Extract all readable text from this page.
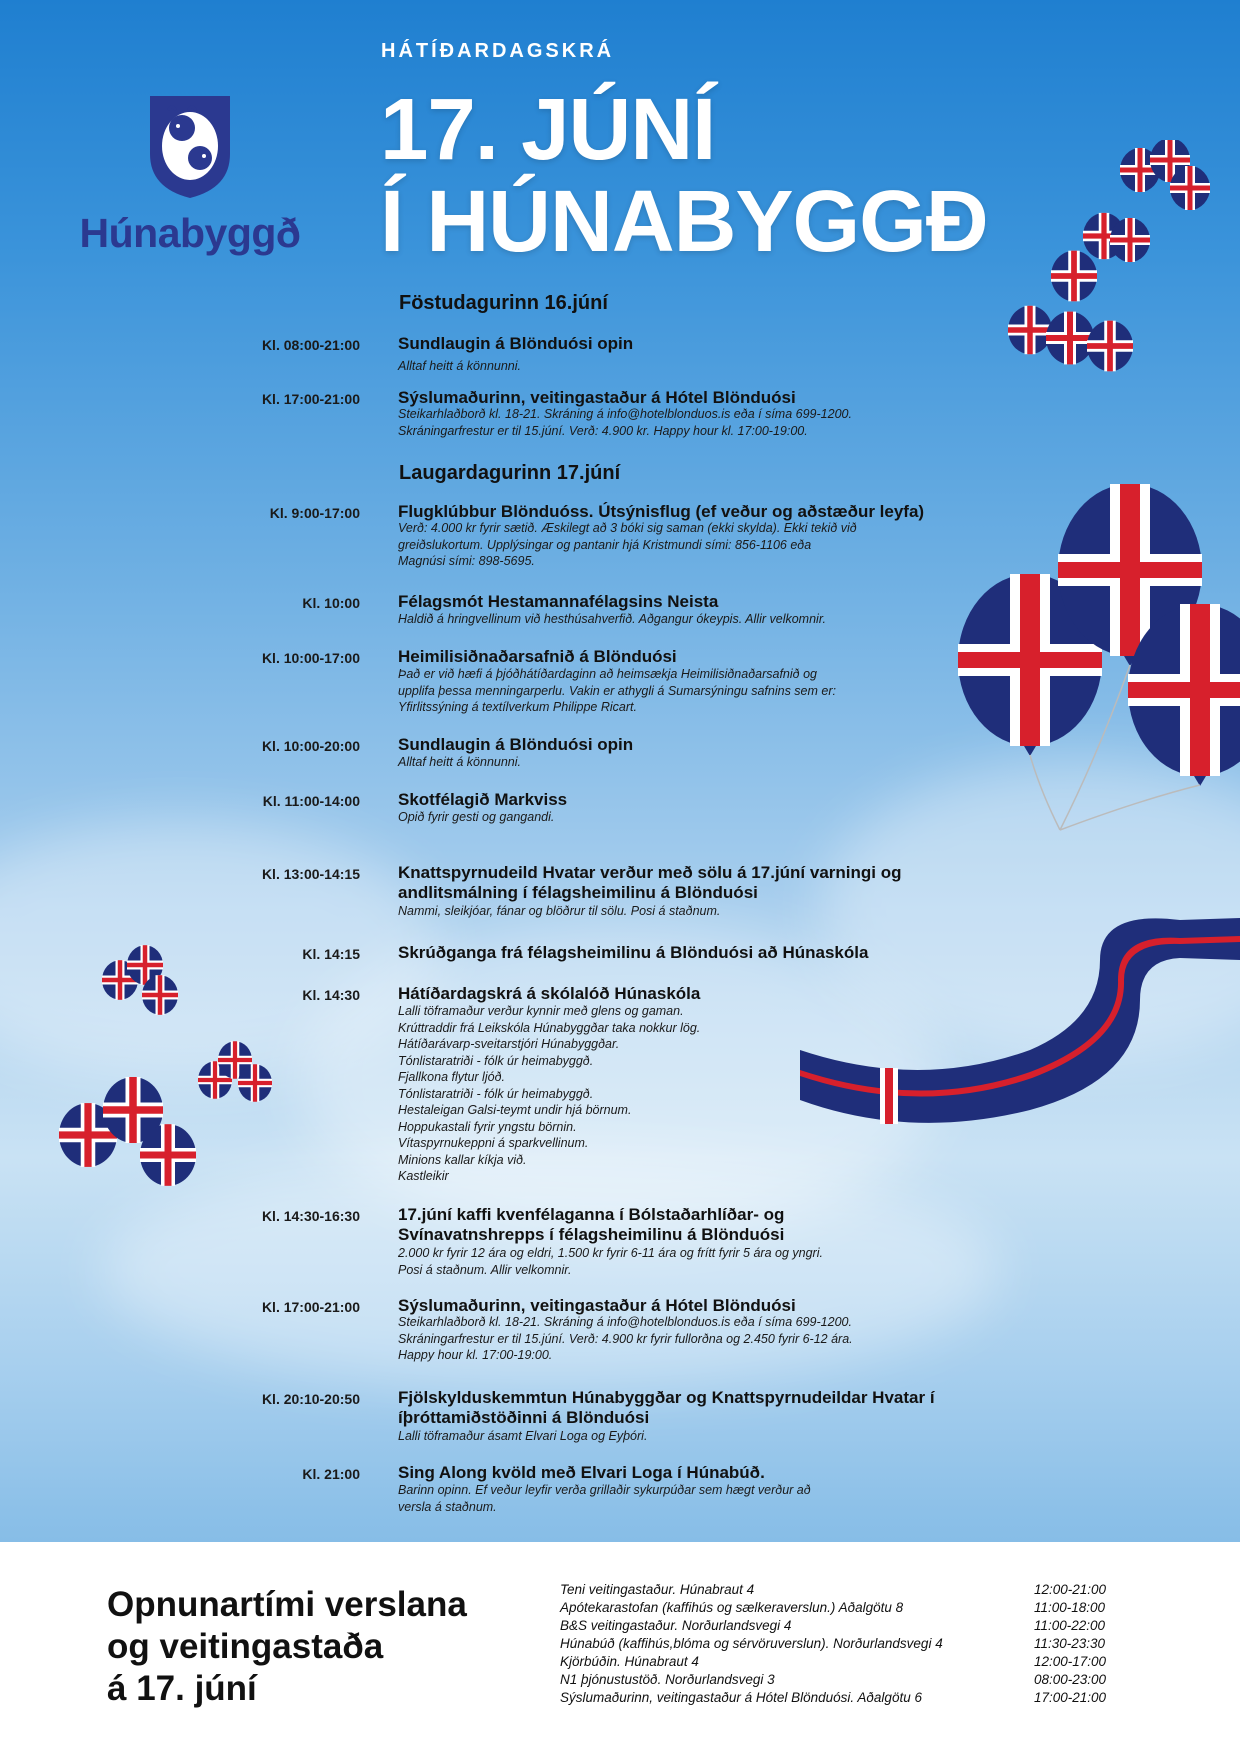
Húnabyggð
HÁTÍÐARDAGSKRÁ
17. JÚNÍ
Í HÚNABYGGÐ
Föstudagurinn 16.júní
Laugardagurinn 17.júní
Kl. 08:00-21:00 Sundlaugin á Blönduósi opin
Alltaf heitt á könnunni.
Kl. 17:00-21:00 Sýslumaðurinn, veitingastaður á Hótel Blönduósi
Steikarhlaðborð kl. 18-21. Skráning á info@hotelblonduos.is eða í síma 699-1200.
Skráningarfrestur er til 15.júní. Verð: 4.900 kr. Happy hour kl. 17:00-19:00.
Kl. 9:00-17:00 Flugklúbbur Blönduóss. Útsýnisflug (ef veður og aðstæður leyfa)
Verð: 4.000 kr fyrir sætið. Æskilegt að 3 bóki sig saman (ekki skylda). Ekki tekið við
greiðslukortum. Upplýsingar og pantanir hjá Kristmundi sími: 856-1106 eða
Magnúsi sími: 898-5695.
Kl. 10:00 Félagsmót Hestamannafélagsins Neista
Haldið á hringvellinum við hesthúsahverfið. Aðgangur ókeypis. Allir velkomnir.
Kl. 10:00-17:00 Heimilisiðnaðarsafnið á Blönduósi
Það er við hæfi á þjóðhátíðardaginn að heimsækja Heimilisiðnaðarsafnið og
upplifa þessa menningarperlu. Vakin er athygli á Sumarsýningu safnins sem er:
Yfirlitssýning á textílverkum Philippe Ricart.
Kl. 10:00-20:00 Sundlaugin á Blönduósi opin
Alltaf heitt á könnunni.
Kl. 11:00-14:00 Skotfélagið Markviss
Opið fyrir gesti og gangandi.
Kl. 13:00-14:15 Knattspyrnudeild Hvatar verður með sölu á 17.júní varningi og andlitsmálning í félagsheimilinu á Blönduósi
Nammi, sleikjóar, fánar og blöðrur til sölu. Posi á staðnum.
Kl. 14:15 Skrúðganga frá félagsheimilinu á Blönduósi að Húnaskóla
Kl. 14:30 Hátíðardagskrá á skólalóð Húnaskóla
Lalli töframaður verður kynnir með glens og gaman.
Krúttraddir frá Leikskóla Húnabyggðar taka nokkur lög.
Hátíðarávarp-sveitarstjóri Húnabyggðar.
Tónlistaratriði - fólk úr heimabyggð.
Fjallkona flytur ljóð.
Tónlistaratriði - fólk úr heimabyggð.
Hestaleigan Galsi-teymt undir hjá börnum.
Hoppukastali fyrir yngstu börnin.
Vítaspyrnukeppni á sparkvellinum.
Minions kallar kíkja við.
Kastleikir
Kl. 14:30-16:30 17.júní kaffi kvenfélaganna í Bólstaðarhlíðar- og Svínavatnshrepps í félagsheimilinu á Blönduósi
2.000 kr fyrir 12 ára og eldri, 1.500 kr fyrir 6-11 ára og frítt fyrir 5 ára og yngri.
Posi á staðnum. Allir velkomnir.
Kl. 17:00-21:00 Sýslumaðurinn, veitingastaður á Hótel Blönduósi
Steikarhlaðborð kl. 18-21. Skráning á info@hotelblonduos.is eða í síma 699-1200.
Skráningarfrestur er til 15.júní. Verð: 4.900 kr fyrir fullorðna og 2.450 fyrir 6-12 ára.
Happy hour kl. 17:00-19:00.
Kl. 20:10-20:50 Fjölskylduskemmtun Húnabyggðar og Knattspyrnudeildar Hvatar í íþróttamiðstöðinni á Blönduósi
Lalli töframaður ásamt Elvari Loga og Eyþóri.
Kl. 21:00 Sing Along kvöld með Elvari Loga í Húnabúð.
Barinn opinn. Ef veður leyfir verða grillaðir sykurpúðar sem hægt verður að
versla á staðnum.
Opnunartími verslana
og veitingastaða
á 17. júní
Teni veitingastaður. Húnabraut 4	12:00-21:00
Apótekarastofan (kaffihús og sælkeraverslun.) Aðalgötu 8	11:00-18:00
B&S veitingastaður. Norðurlandsvegi 4	11:00-22:00
Húnabúð (kaffihús,blóma og sérvöruverslun). Norðurlandsvegi 4	11:30-23:30
Kjörbúðin. Húnabraut 4	12:00-17:00
N1 þjónustustöð. Norðurlandsvegi 3	08:00-23:00
Sýslumaðurinn, veitingastaður á Hótel Blönduósi. Aðalgötu 6	17:00-21:00
